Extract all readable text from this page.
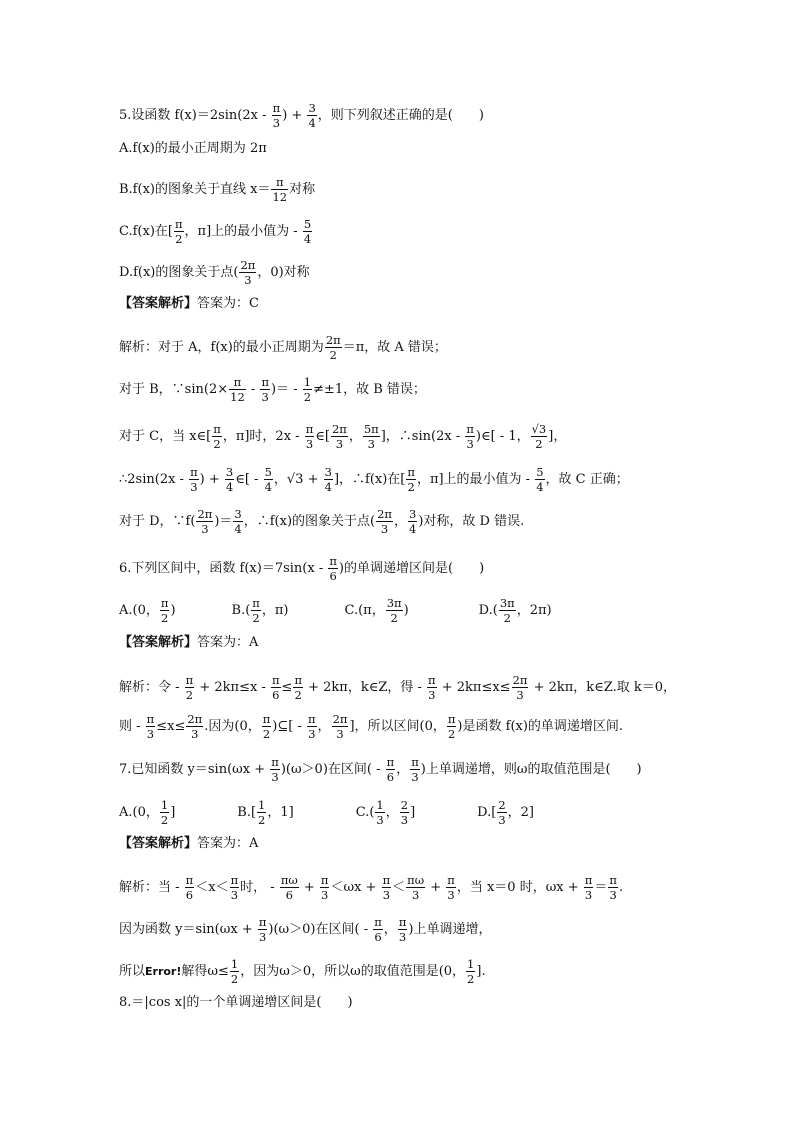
5.设函数 $f(x)=2\sin(2x - \frac{\pi}{3}$ ) + $\frac{3}{4}$ ，则下列叙述正确的是(　　)
A.f(x)的最小正周期为 2π
B.f(x)的图象关于直线 $x= \frac{\pi}{12}$ 对称
C.f(x)在[ $\frac{\pi}{2}$ ，π]上的最小值为 - $\frac{5}{4}$
D.f(x)的图象关于点( $\frac{2\pi}{3}$ ，0)对称
【答案解析】答案为：C
解析：对于 A，f(x)的最小正周期为 $\frac{2\pi}{2} =\pi$，故 A 错误；
对于 B，∵sin(2× $\frac{\pi}{12} - \frac{\pi}{3}$ )＝ - $\frac{1}{2} \ne\pm 1$，故 B 错误；
对于 C，当 x∈[ $\frac{\pi}{2}$ ，π]时，$2x - \frac{\pi}{3}$ ∈[ $\frac{2\pi}{3}$ ， $\frac{5\pi}{3}$ ]，∴sin(2x - $\frac{\pi}{3}$ )∈[ - 1， $\frac{√3}{2}$ ]，
∴2sin(2x - $\frac{\pi}{3}$ ) + $\frac{3}{4}$ ∈[ - $\frac{5}{4}$ ，$√3 + \frac{3}{4}$ ]，∴f(x)在[ $\frac{\pi}{2}$ ，π]上的最小值为 - $\frac{5}{4}$ ，故 C 正确；
对于 D，∵f( $\frac{2\pi}{3}$ )＝ $\frac{3}{4}$ ，∴f(x)的图象关于点( $\frac{2\pi}{3}$ ， $\frac{3}{4}$ )对称，故 D 错误.
6.下列区间中，函数 $f(x)=7\sin(x - \frac{\pi}{6}$ )的单调递增区间是(　　)
A.(0， $\frac{\pi}{2}$ )	$B.( \frac{\pi}{2}$ ，π)	C.(π， $\frac{3\pi}{2}$ )	$D.( \frac{3\pi}{2}$ ，2π)
【答案解析】答案为：A
解析：令 - $\frac{\pi}{2} + 2k\pi\le x - \frac{\pi}{6} \le \frac{\pi}{2} + 2k\pi$，k∈Z，得 - $\frac{\pi}{3} + 2k\pi\le x\le \frac{2\pi}{3} + 2k\pi$，k∈Z.取 k＝0，
则 - $\frac{\pi}{3} \le x\le \frac{2\pi}{3}$ .因为(0， $\frac{\pi}{2}$ )⊆[ - $\frac{\pi}{3}$ ， $\frac{2\pi}{3}$ ]，所以区间(0， $\frac{\pi}{2}$ )是函数 f(x)的单调递增区间.
7.已知函数 $y=\sin(\omega x + \frac{\pi}{3} )(\omega>0)$在区间( - $\frac{\pi}{6}$ ， $\frac{\pi}{3}$ )上单调递增，则ω的取值范围是(　　)
A.(0， $\frac{1}{2}$ ]	$B.[ \frac{1}{2}$ ，1]	$C.( \frac{1}{3}$ ， $\frac{2}{3}$ ]	$D.[ \frac{2}{3}$ ，2]
【答案解析】答案为：A
解析：当 - $\frac{\pi}{6} <x< \frac{\pi}{3}$ 时， - $\frac{\pi\omega}{6} + \frac{\pi}{3} <\omega x + \frac{\pi}{3} < \frac{\pi\omega}{3} + \frac{\pi}{3}$ ，当 x＝0 时，$\omega x + \frac{\pi}{3} = \frac{\pi}{3}$ .
因为函数 $y=\sin(\omega x + \frac{\pi}{3} )(\omega>0)$在区间( - $\frac{\pi}{6}$ ， $\frac{\pi}{3}$ )上单调递增，
所以Error!解得$\omega\le \frac{1}{2}$ ，因为ω＞0，所以ω的取值范围是(0， $\frac{1}{2}$ ].
8.＝|cos x|的一个单调递增区间是(　　)
